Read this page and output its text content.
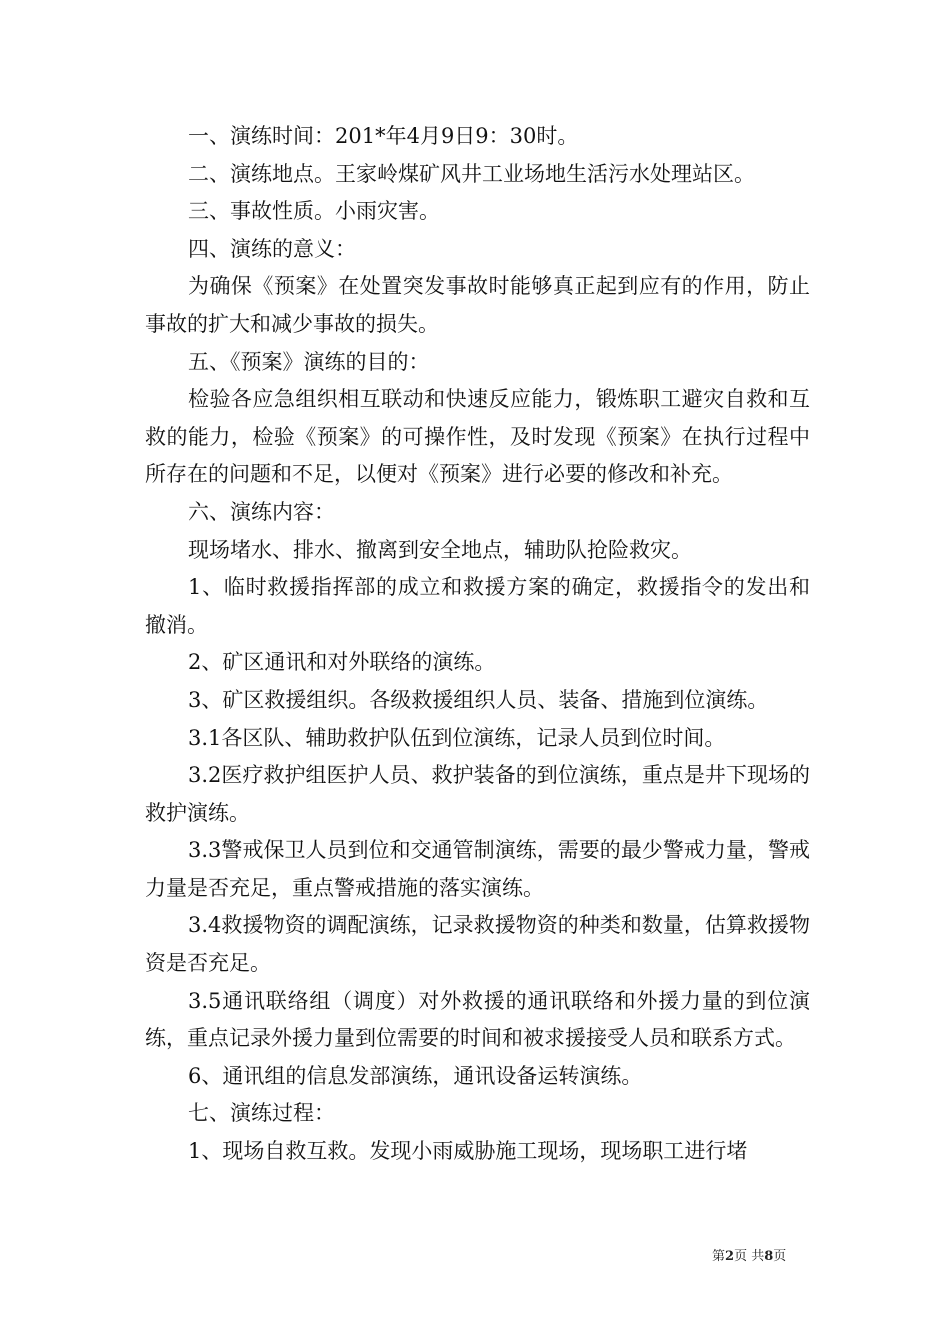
一、演练时间：201*年4月9日9：30时。

二、演练地点。王家岭煤矿风井工业场地生活污水处理站区。

三、事故性质。小雨灾害。

四、演练的意义：

为确保《预案》在处置突发事故时能够真正起到应有的作用，防止事故的扩大和减少事故的损失。

五、《预案》演练的目的：

检验各应急组织相互联动和快速反应能力，锻炼职工避灾自救和互救的能力，检验《预案》的可操作性，及时发现《预案》在执行过程中所存在的问题和不足，以便对《预案》进行必要的修改和补充。

六、演练内容：

现场堵水、排水、撤离到安全地点，辅助队抢险救灾。

1、临时救援指挥部的成立和救援方案的确定，救援指令的发出和撤消。

2、矿区通讯和对外联络的演练。

3、矿区救援组织。各级救援组织人员、装备、措施到位演练。

3.1各区队、辅助救护队伍到位演练，记录人员到位时间。

3.2医疗救护组医护人员、救护装备的到位演练，重点是井下现场的救护演练。

3.3警戒保卫人员到位和交通管制演练，需要的最少警戒力量，警戒力量是否充足，重点警戒措施的落实演练。

3.4救援物资的调配演练，记录救援物资的种类和数量，估算救援物资是否充足。

3.5通讯联络组（调度）对外救援的通讯联络和外援力量的到位演练，重点记录外援力量到位需要的时间和被求援接受人员和联系方式。

6、通讯组的信息发部演练，通讯设备运转演练。

七、演练过程：

1、现场自救互救。发现小雨威胁施工现场，现场职工进行堵

第2页 共8页
